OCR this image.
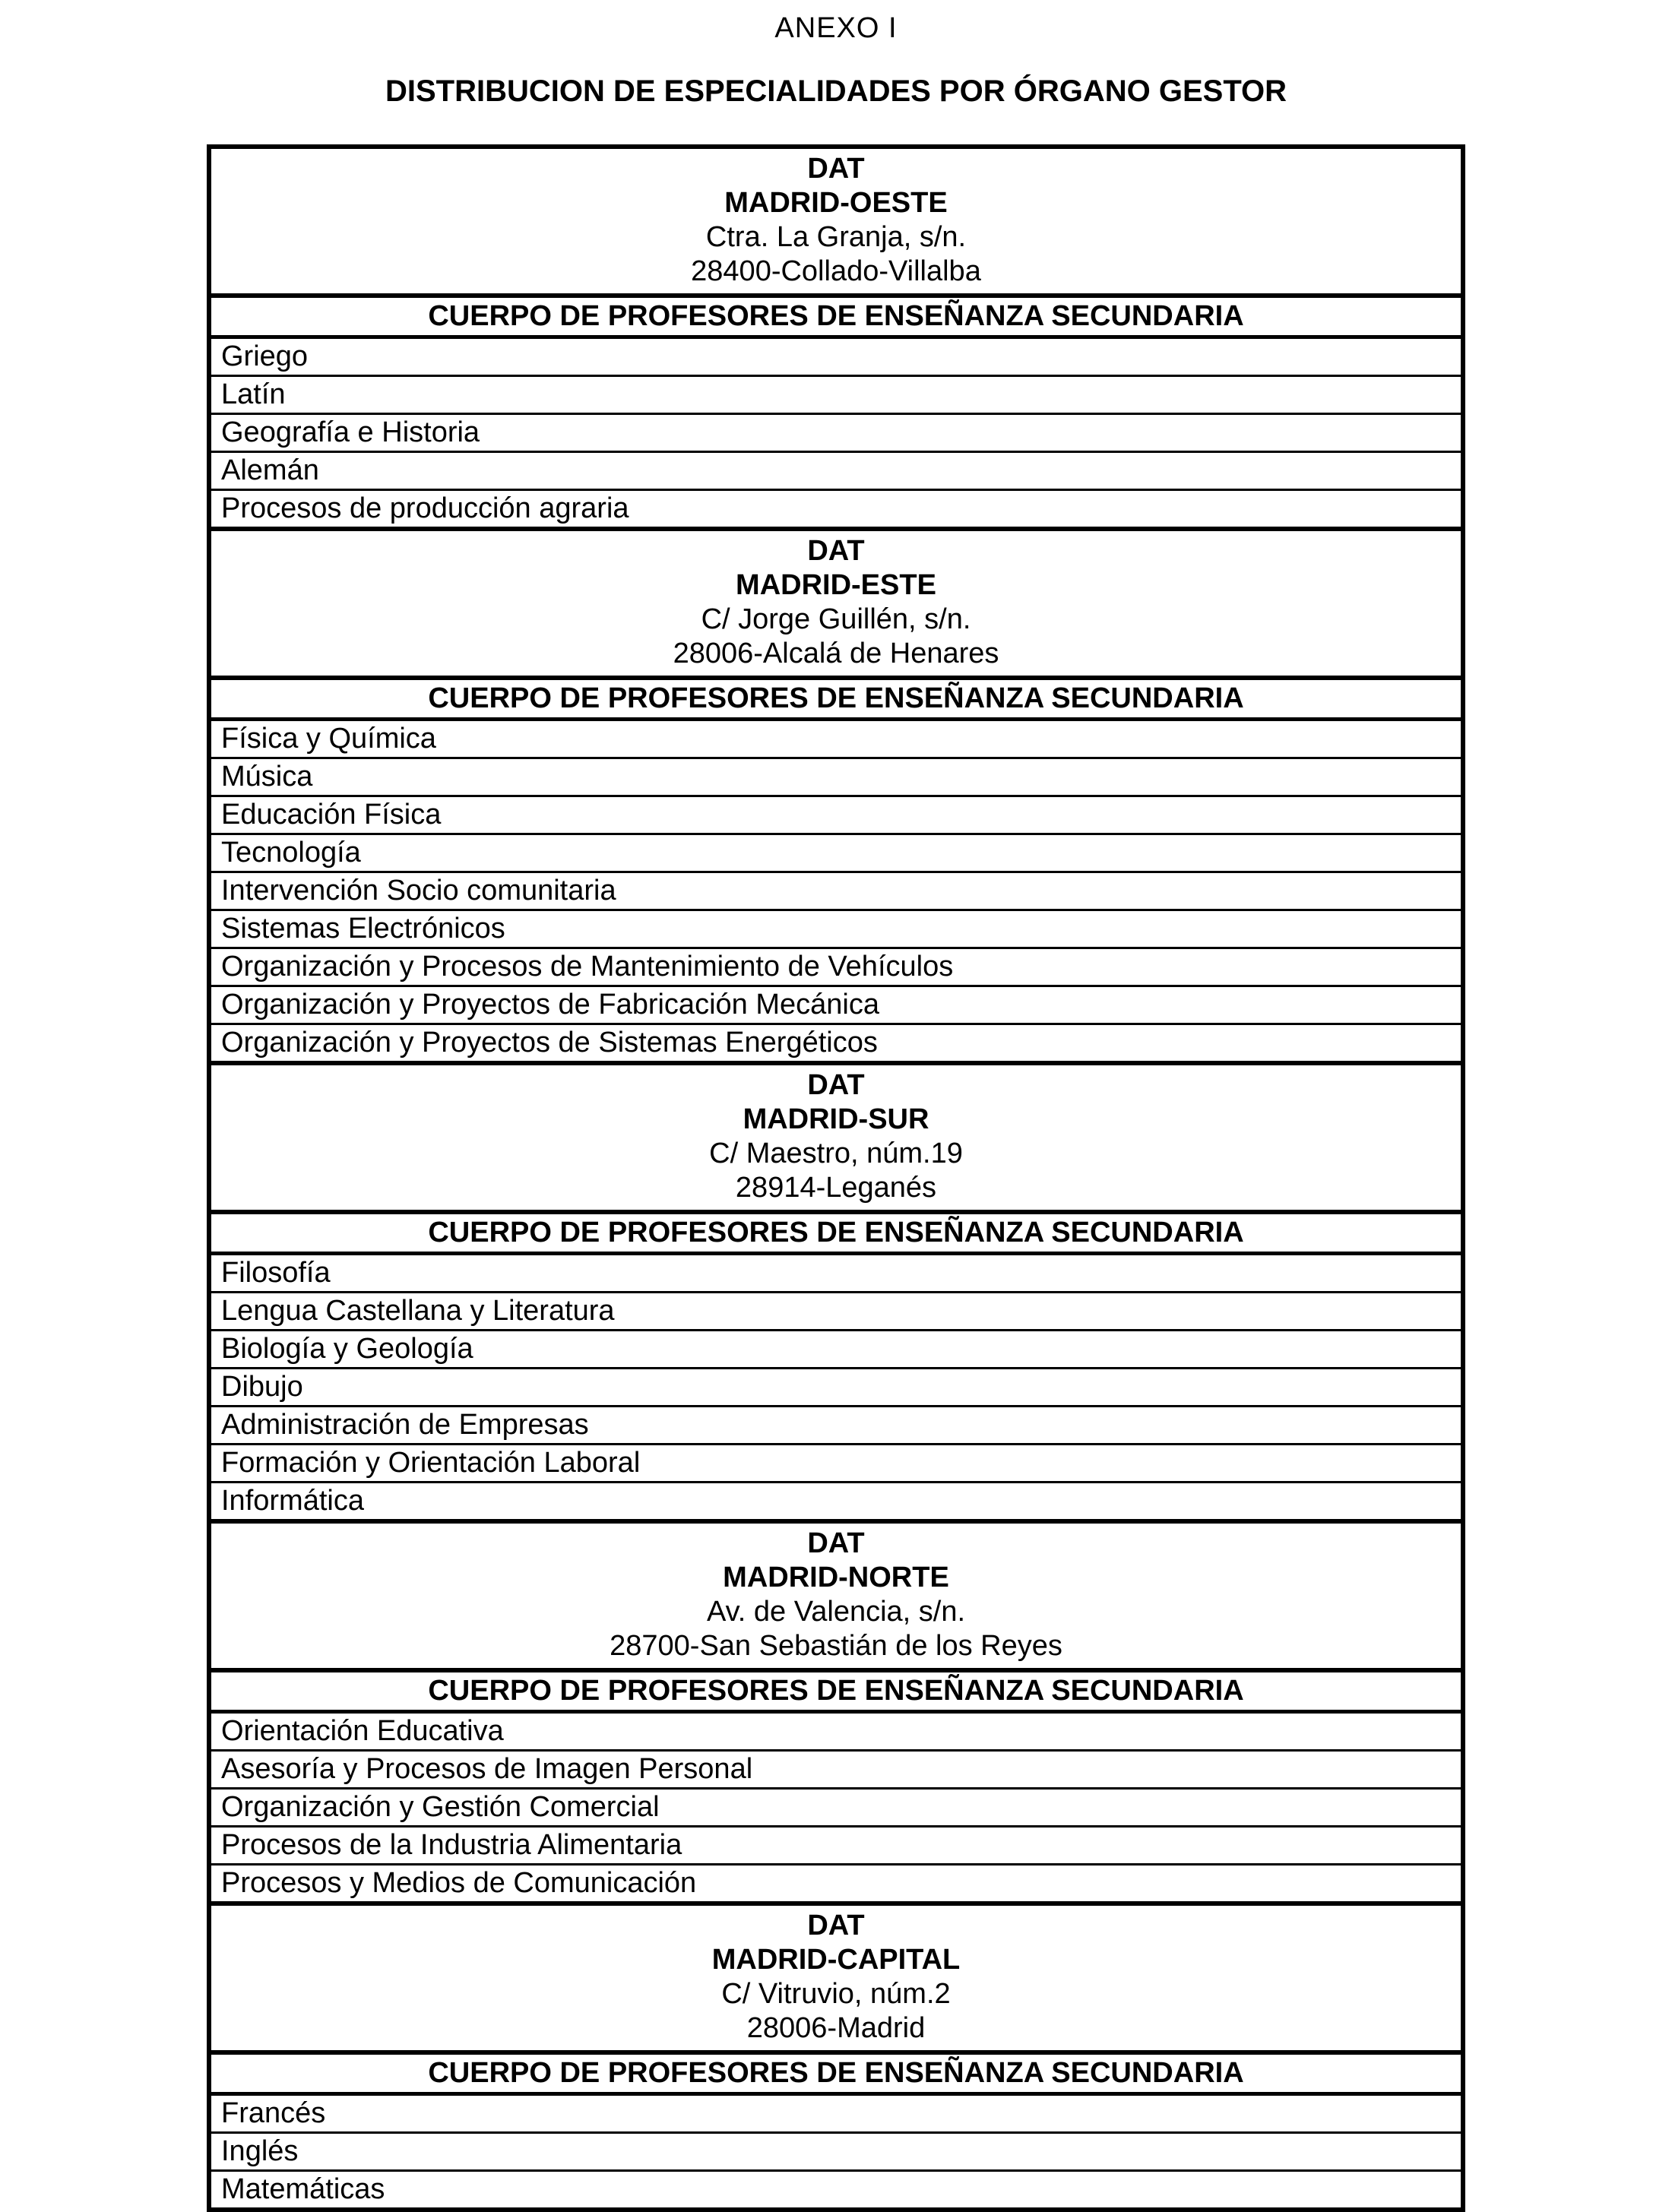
ANEXO I
DISTRIBUCION DE ESPECIALIDADES POR ÓRGANO GESTOR
DAT
MADRID-OESTE
Ctra. La Granja, s/n.
28400-Collado-Villalba

CUERPO DE PROFESORES DE ENSEÑANZA SECUNDARIA
Griego
Latín
Geografía e Historia
Alemán
Procesos de producción agraria

DAT
MADRID-ESTE
C/ Jorge Guillén, s/n.
28006-Alcalá de Henares

CUERPO DE PROFESORES DE ENSEÑANZA SECUNDARIA
Física y Química
Música
Educación Física
Tecnología
Intervención Socio comunitaria
Sistemas Electrónicos
Organización y Procesos de Mantenimiento de Vehículos
Organización y Proyectos de Fabricación Mecánica
Organización y Proyectos de Sistemas Energéticos

DAT
MADRID-SUR
C/ Maestro, núm.19
28914-Leganés

CUERPO DE PROFESORES DE ENSEÑANZA SECUNDARIA
Filosofía
Lengua Castellana y Literatura
Biología y Geología
Dibujo
Administración de Empresas
Formación y Orientación Laboral
Informática

DAT
MADRID-NORTE
Av. de Valencia, s/n.
28700-San Sebastián de los Reyes

CUERPO DE PROFESORES DE ENSEÑANZA SECUNDARIA
Orientación Educativa
Asesoría y Procesos de Imagen Personal
Organización y Gestión Comercial
Procesos de la Industria Alimentaria
Procesos y Medios de Comunicación

DAT
MADRID-CAPITAL
C/ Vitruvio, núm.2
28006-Madrid

CUERPO DE PROFESORES DE ENSEÑANZA SECUNDARIA
Francés
Inglés
Matemáticas
